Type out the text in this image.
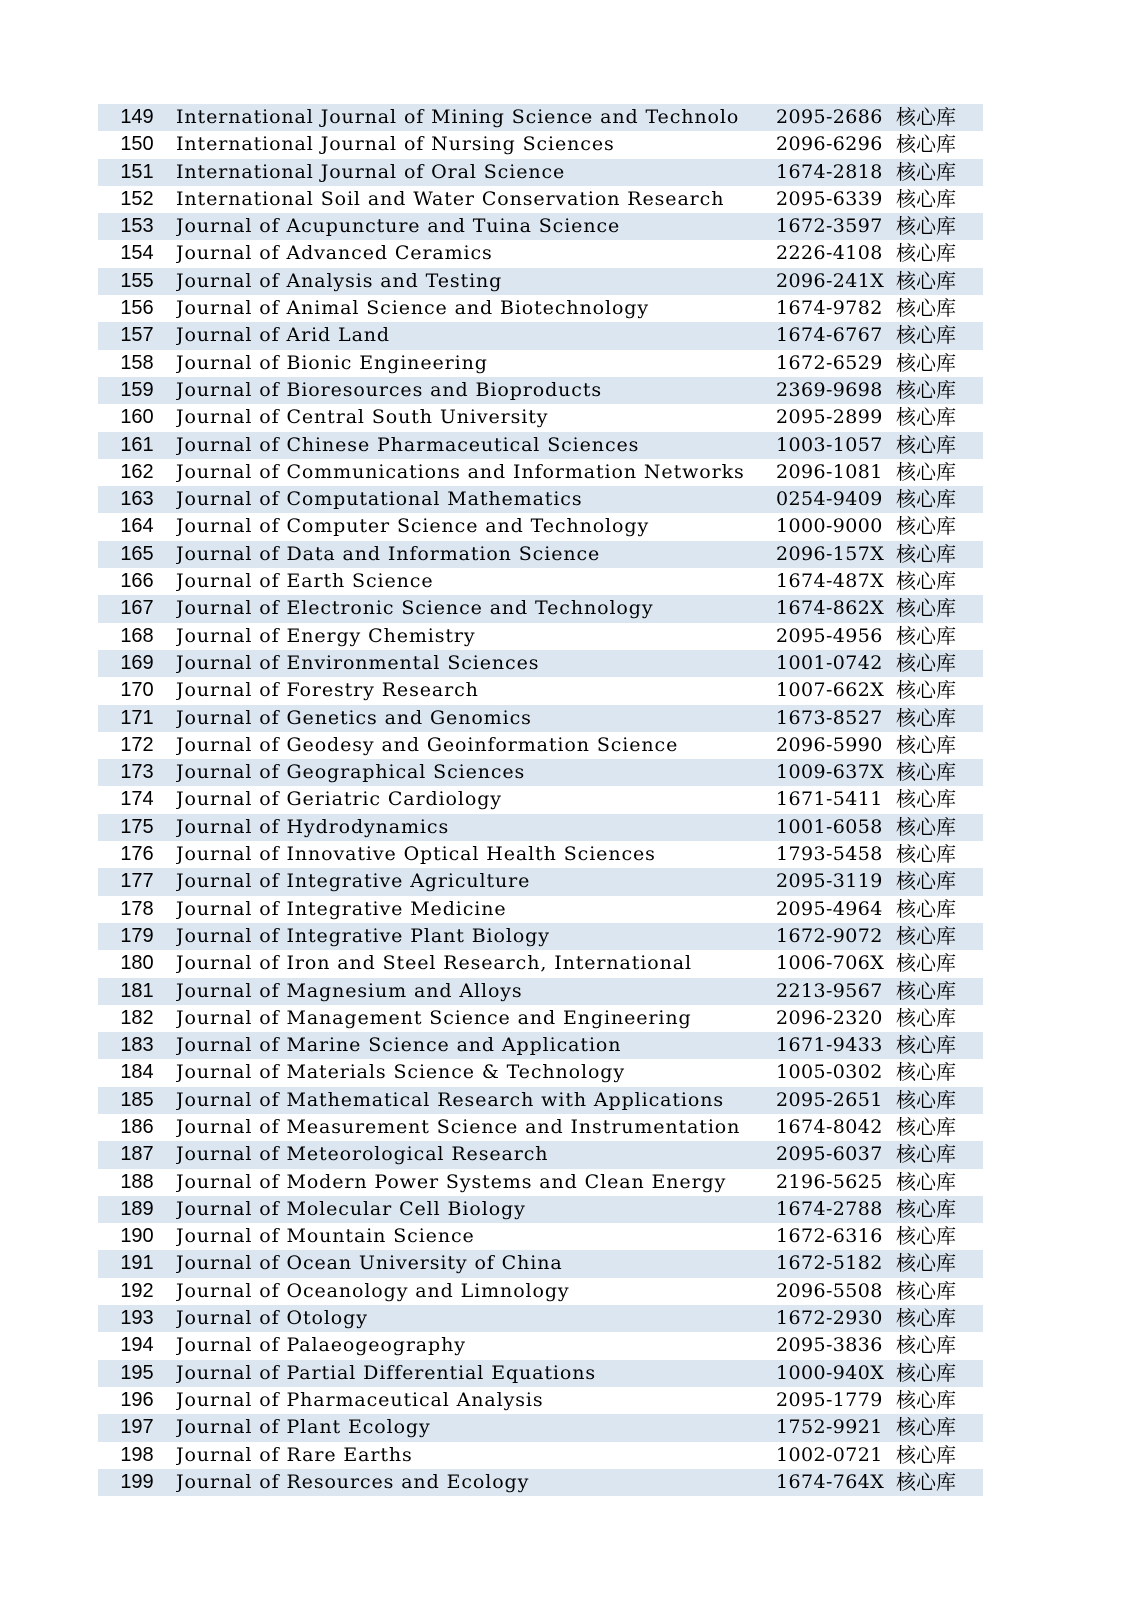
149	International Journal of Mining Science and Technolo	2095-2686	核心库
150	International Journal of Nursing Sciences	2096-6296	核心库
151	International Journal of Oral Science	1674-2818	核心库
152	International Soil and Water Conservation Research	2095-6339	核心库
153	Journal of Acupuncture and Tuina Science	1672-3597	核心库
154	Journal of Advanced Ceramics	2226-4108	核心库
155	Journal of Analysis and Testing	2096-241X	核心库
156	Journal of Animal Science and Biotechnology	1674-9782	核心库
157	Journal of Arid Land	1674-6767	核心库
158	Journal of Bionic Engineering	1672-6529	核心库
159	Journal of Bioresources and Bioproducts	2369-9698	核心库
160	Journal of Central South University	2095-2899	核心库
161	Journal of Chinese Pharmaceutical Sciences	1003-1057	核心库
162	Journal of Communications and Information Networks	2096-1081	核心库
163	Journal of Computational Mathematics	0254-9409	核心库
164	Journal of Computer Science and Technology	1000-9000	核心库
165	Journal of Data and Information Science	2096-157X	核心库
166	Journal of Earth Science	1674-487X	核心库
167	Journal of Electronic Science and Technology	1674-862X	核心库
168	Journal of Energy Chemistry	2095-4956	核心库
169	Journal of Environmental Sciences	1001-0742	核心库
170	Journal of Forestry Research	1007-662X	核心库
171	Journal of Genetics and Genomics	1673-8527	核心库
172	Journal of Geodesy and Geoinformation Science	2096-5990	核心库
173	Journal of Geographical Sciences	1009-637X	核心库
174	Journal of Geriatric Cardiology	1671-5411	核心库
175	Journal of Hydrodynamics	1001-6058	核心库
176	Journal of Innovative Optical Health Sciences	1793-5458	核心库
177	Journal of Integrative Agriculture	2095-3119	核心库
178	Journal of Integrative Medicine	2095-4964	核心库
179	Journal of Integrative Plant Biology	1672-9072	核心库
180	Journal of Iron and Steel Research, International	1006-706X	核心库
181	Journal of Magnesium and Alloys	2213-9567	核心库
182	Journal of Management Science and Engineering	2096-2320	核心库
183	Journal of Marine Science and Application	1671-9433	核心库
184	Journal of Materials Science & Technology	1005-0302	核心库
185	Journal of Mathematical Research with Applications	2095-2651	核心库
186	Journal of Measurement Science and Instrumentation	1674-8042	核心库
187	Journal of Meteorological Research	2095-6037	核心库
188	Journal of Modern Power Systems and Clean Energy	2196-5625	核心库
189	Journal of Molecular Cell Biology	1674-2788	核心库
190	Journal of Mountain Science	1672-6316	核心库
191	Journal of Ocean University of China	1672-5182	核心库
192	Journal of Oceanology and Limnology	2096-5508	核心库
193	Journal of Otology	1672-2930	核心库
194	Journal of Palaeogeography	2095-3836	核心库
195	Journal of Partial Differential Equations	1000-940X	核心库
196	Journal of Pharmaceutical Analysis	2095-1779	核心库
197	Journal of Plant Ecology	1752-9921	核心库
198	Journal of Rare Earths	1002-0721	核心库
199	Journal of Resources and Ecology	1674-764X	核心库
